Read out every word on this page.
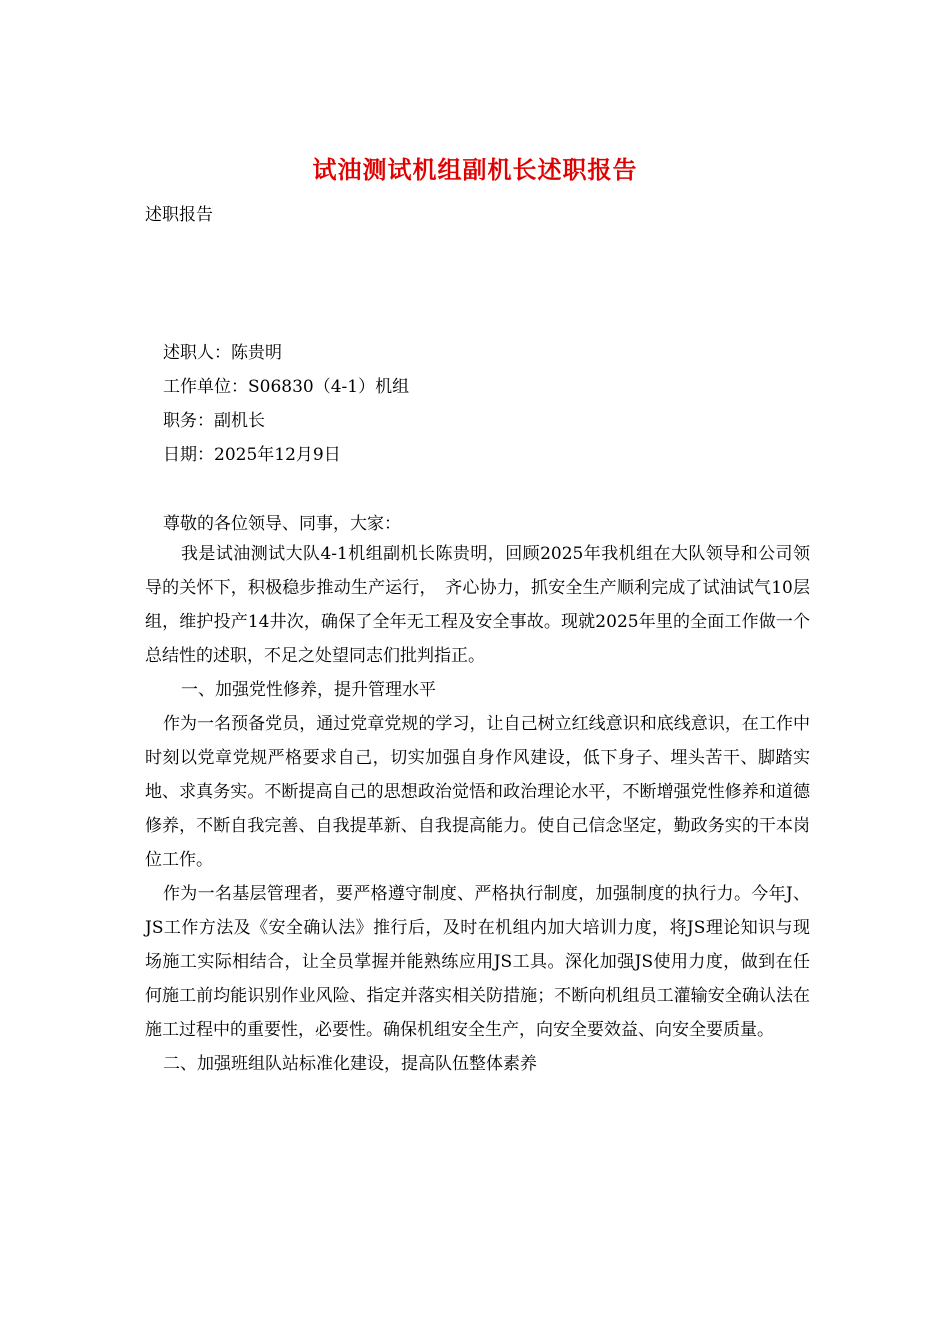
试油测试机组副机长述职报告
述职报告
述职人：陈贵明
工作单位：S06830（4-1）机组
职务：副机长
日期：2025年12月9日
尊敬的各位领导、同事，大家：

我是试油测试大队4-1机组副机长陈贵明，回顾2025年我机组在大队领导和公司领导的关怀下，积极稳步推动生产运行，　齐心协力，抓安全生产顺利完成了试油试气10层组，维护投产14井次，确保了全年无工程及安全事故。现就2025年里的全面工作做一个总结性的述职，不足之处望同志们批判指正。

一、加强党性修养，提升管理水平

作为一名预备党员，通过党章党规的学习，让自己树立红线意识和底线意识，在工作中时刻以党章党规严格要求自己，切实加强自身作风建设，低下身子、埋头苦干、脚踏实地、求真务实。不断提高自己的思想政治觉悟和政治理论水平，不断增强党性修养和道德修养，不断自我完善、自我提革新、自我提高能力。使自己信念坚定，勤政务实的干本岗位工作。

作为一名基层管理者，要严格遵守制度、严格执行制度，加强制度的执行力。今年J、JS工作方法及《安全确认法》推行后，及时在机组内加大培训力度，将JS理论知识与现场施工实际相结合，让全员掌握并能熟练应用JS工具。深化加强JS使用力度，做到在任何施工前均能识别作业风险、指定并落实相关防措施；不断向机组员工灌输安全确认法在施工过程中的重要性，必要性。确保机组安全生产，向安全要效益、向安全要质量。

二、加强班组队站标准化建设，提高队伍整体素养
